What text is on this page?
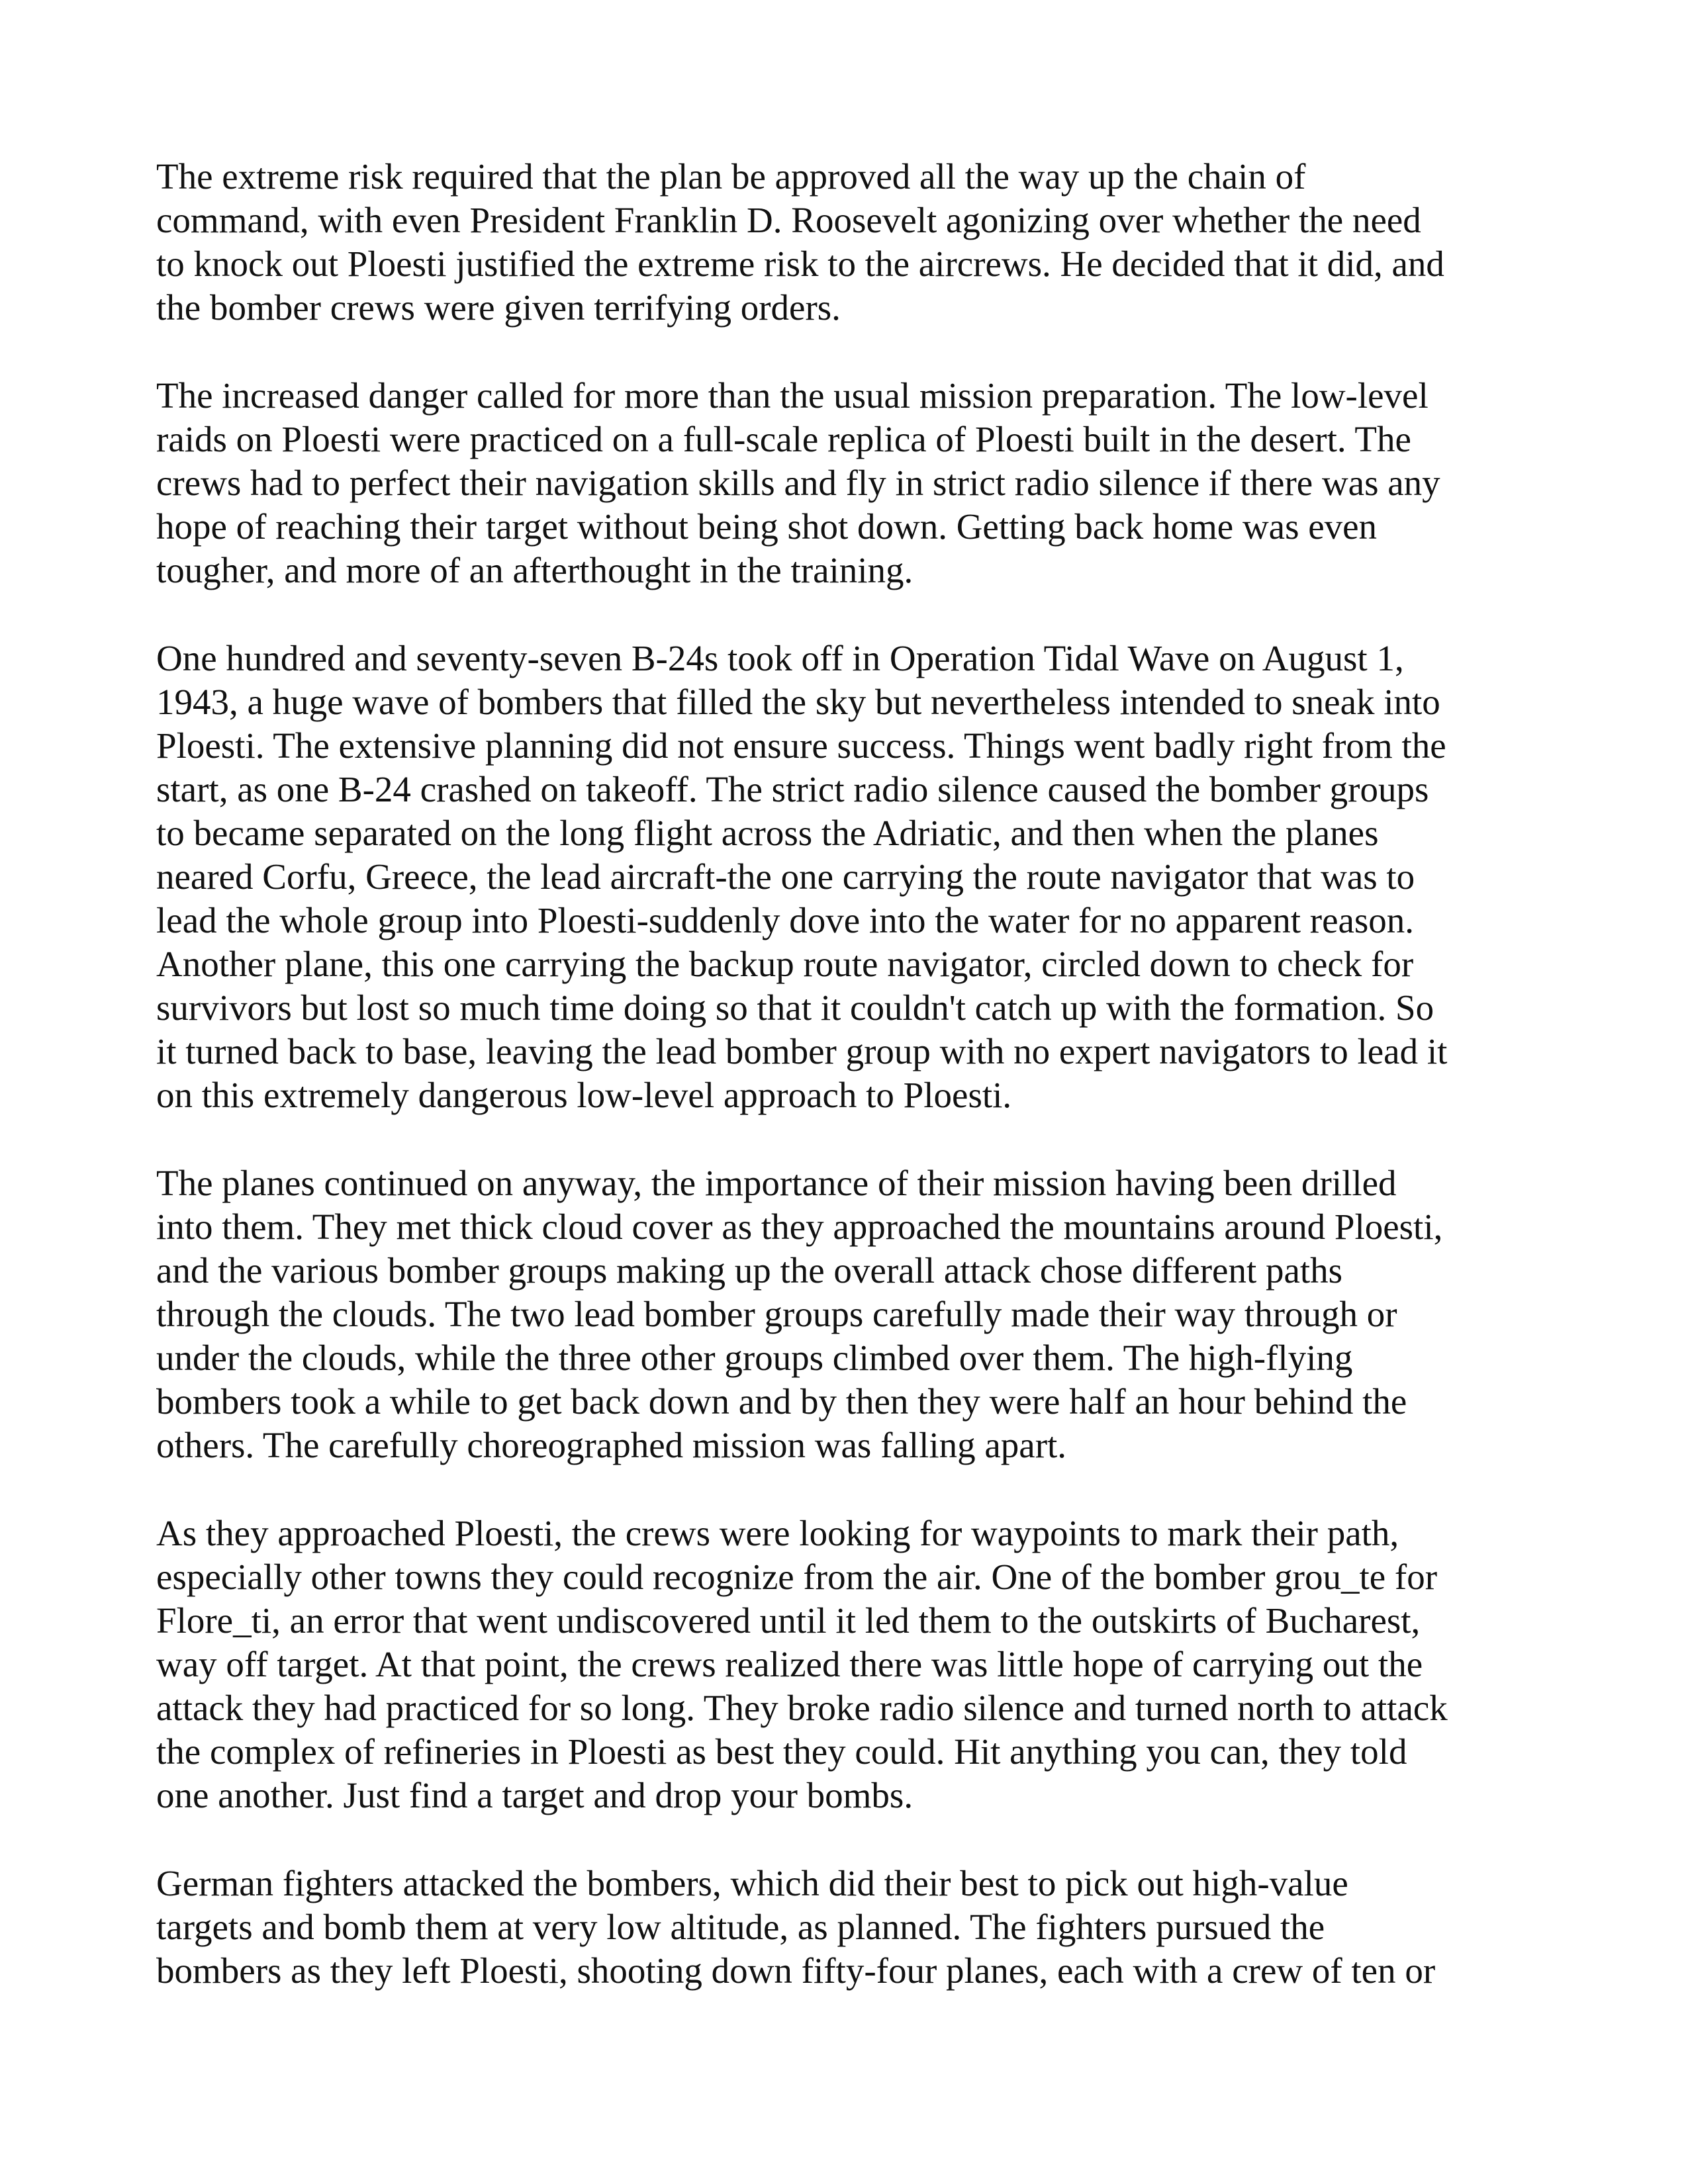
The extreme risk required that the plan be approved all the way up the chain of
command, with even President Franklin D. Roosevelt agonizing over whether the need
to knock out Ploesti justified the extreme risk to the aircrews. He decided that it did, and
the bomber crews were given terrifying orders.

The increased danger called for more than the usual mission preparation. The low-level
raids on Ploesti were practiced on a full-scale replica of Ploesti built in the desert. The
crews had to perfect their navigation skills and fly in strict radio silence if there was any
hope of reaching their target without being shot down. Getting back home was even
tougher, and more of an afterthought in the training.

One hundred and seventy-seven B-24s took off in Operation Tidal Wave on August 1,
1943, a huge wave of bombers that filled the sky but nevertheless intended to sneak into
Ploesti. The extensive planning did not ensure success. Things went badly right from the
start, as one B-24 crashed on takeoff. The strict radio silence caused the bomber groups
to became separated on the long flight across the Adriatic, and then when the planes
neared Corfu, Greece, the lead aircraft-the one carrying the route navigator that was to
lead the whole group into Ploesti-suddenly dove into the water for no apparent reason.
Another plane, this one carrying the backup route navigator, circled down to check for
survivors but lost so much time doing so that it couldn't catch up with the formation. So
it turned back to base, leaving the lead bomber group with no expert navigators to lead it
on this extremely dangerous low-level approach to Ploesti.

The planes continued on anyway, the importance of their mission having been drilled
into them. They met thick cloud cover as they approached the mountains around Ploesti,
and the various bomber groups making up the overall attack chose different paths
through the clouds. The two lead bomber groups carefully made their way through or
under the clouds, while the three other groups climbed over them. The high-flying
bombers took a while to get back down and by then they were half an hour behind the
others. The carefully choreographed mission was falling apart.

As they approached Ploesti, the crews were looking for waypoints to mark their path,
especially other towns they could recognize from the air. One of the bomber grou_te for
Flore_ti, an error that went undiscovered until it led them to the outskirts of Bucharest,
way off target. At that point, the crews realized there was little hope of carrying out the
attack they had practiced for so long. They broke radio silence and turned north to attack
the complex of refineries in Ploesti as best they could. Hit anything you can, they told
one another. Just find a target and drop your bombs.

German fighters attacked the bombers, which did their best to pick out high-value
targets and bomb them at very low altitude, as planned. The fighters pursued the
bombers as they left Ploesti, shooting down fifty-four planes, each with a crew of ten or
